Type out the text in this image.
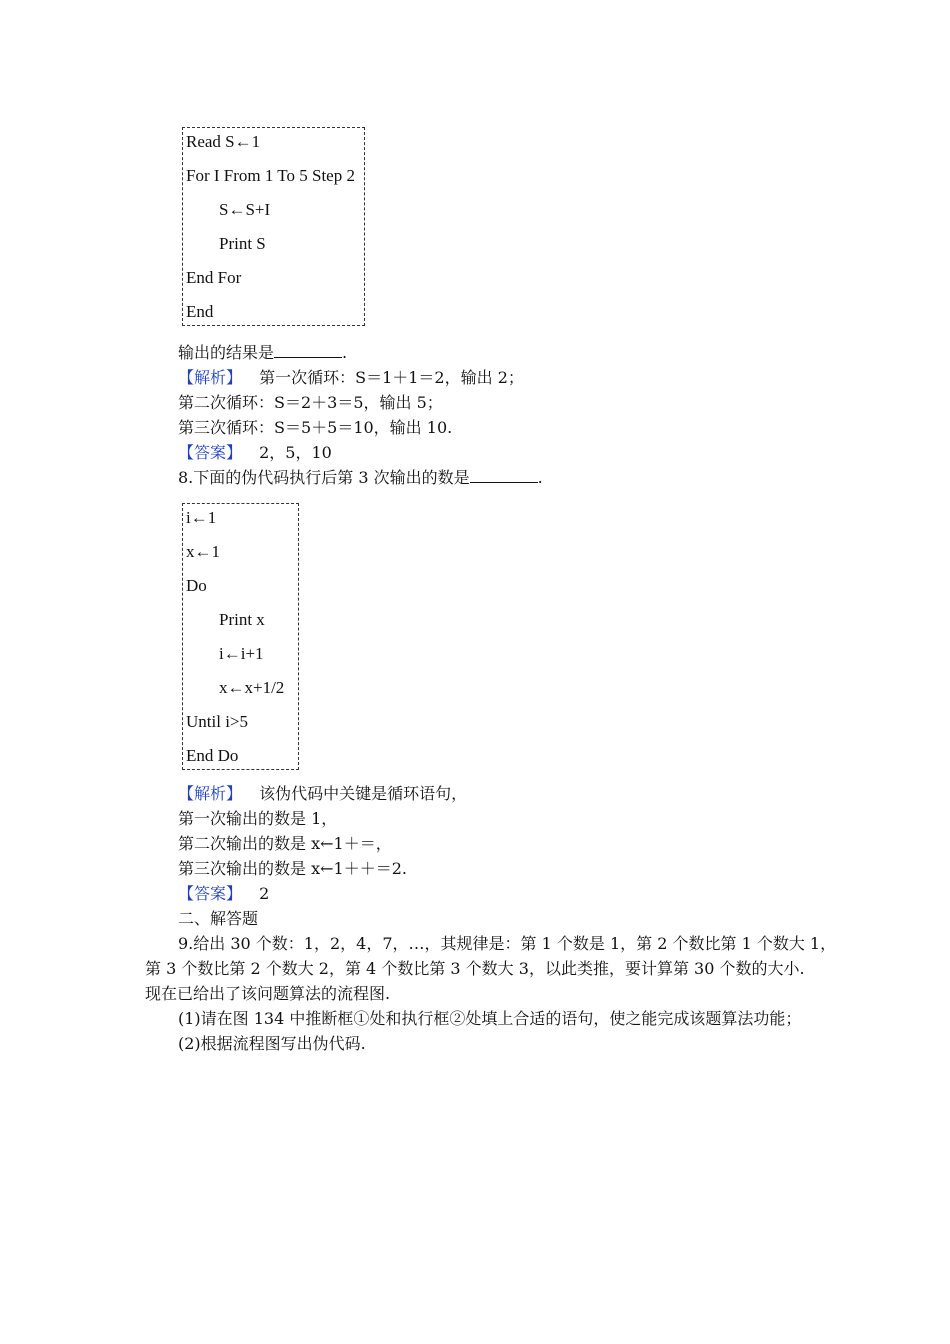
Read S←1
For I From 1 To 5 Step 2
S←S+I
Print S
End For
End
输出的结果是	.
【解析】 第一次循环：S＝1＋1＝2，输出 2；
第二次循环：S＝2＋3＝5，输出 5；
第三次循环：S＝5＋5＝10，输出 10.
【答案】 2，5，10
8.下面的伪代码执行后第 3 次输出的数是	.
i←1
x←1
Do
Print x
i←i+1
x←x+1/2
Until i>5
End Do
【解析】 该伪代码中关键是循环语句，
第一次输出的数是 1，
第二次输出的数是 x←1＋＝，
第三次输出的数是 x←1＋＋＝2.
【答案】 2
二、解答题
9.给出 30 个数：1，2，4，7，…，其规律是：第 1 个数是 1，第 2 个数比第 1 个数大 1，
第 3 个数比第 2 个数大 2，第 4 个数比第 3 个数大 3，以此类推，要计算第 30 个数的大小.
现在已给出了该问题算法的流程图.
(1)请在图 134 中推断框①处和执行框②处填上合适的语句，使之能完成该题算法功能；
(2)根据流程图写出伪代码.
